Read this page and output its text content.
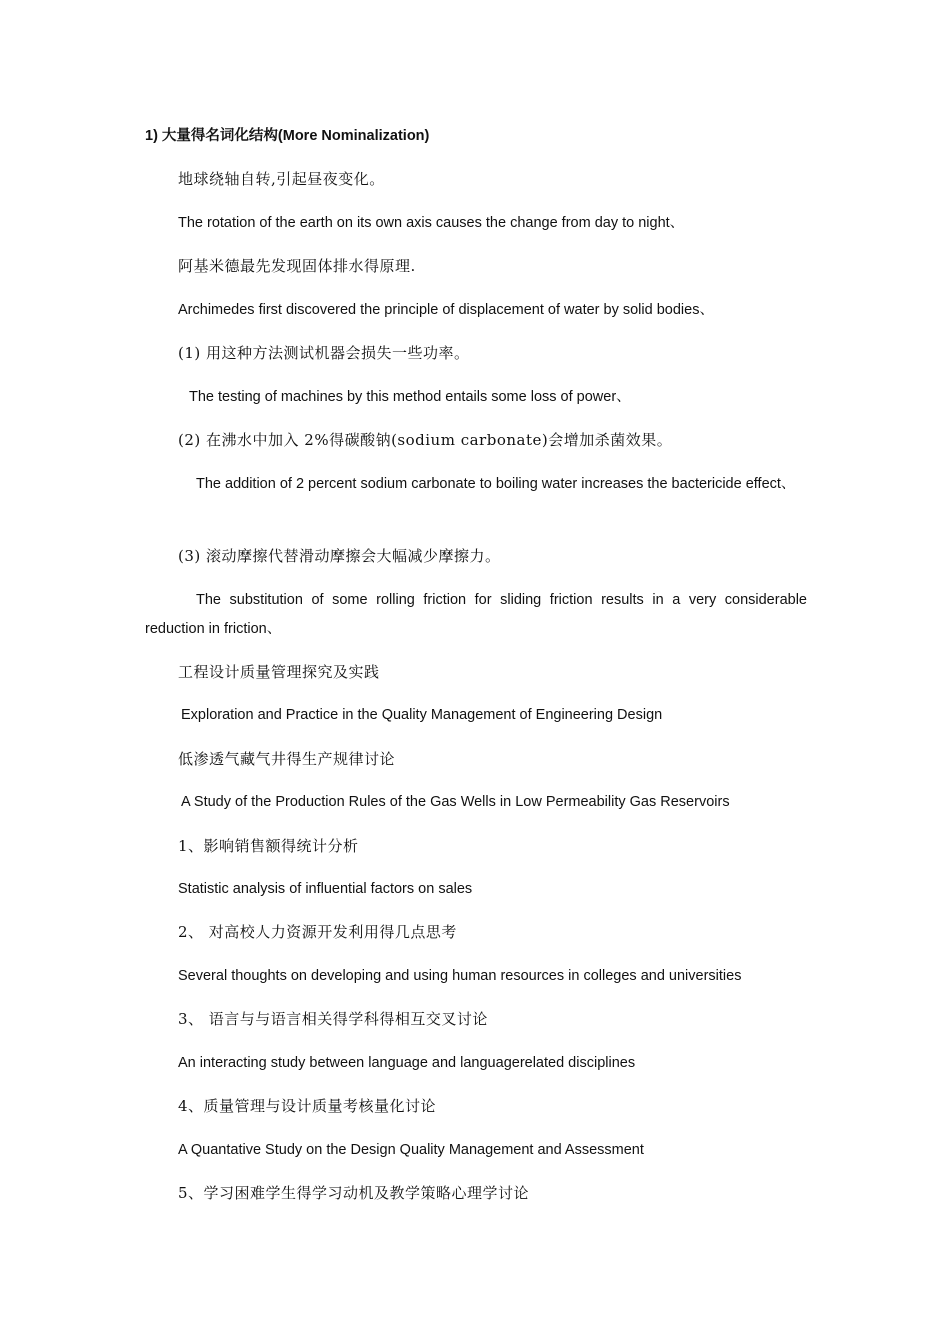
1) 大量得名词化结构(More Nominalization)
地球绕轴自转,引起昼夜变化。
The rotation of the earth on its own axis causes the change from day to night、
阿基米德最先发现固体排水得原理.
Archimedes first discovered the principle of displacement of water by solid bodies、
(1) 用这种方法测试机器会损失一些功率。
The testing of machines by this method entails some loss of power、
(2) 在沸水中加入 2%得碳酸钠(sodium carbonate)会增加杀菌效果。
The addition of 2 percent sodium carbonate to boiling water increases the bactericide effect、
(3) 滚动摩擦代替滑动摩擦会大幅减少摩擦力。
The substitution of some rolling friction for sliding friction results in a very considerable reduction in friction、
工程设计质量管理探究及实践
Exploration and Practice in the Quality Management of Engineering Design
低渗透气藏气井得生产规律讨论
A Study of the Production Rules of the Gas Wells in Low Permeability Gas Reservoirs
1、影响销售额得统计分析
Statistic analysis of influential factors on sales
2、 对高校人力资源开发利用得几点思考
Several thoughts on developing and using human resources in colleges and universities
3、 语言与与语言相关得学科得相互交叉讨论
An interacting study between language and languagerelated disciplines
4、质量管理与设计质量考核量化讨论
A Quantative Study on the Design Quality Management and Assessment
5、学习困难学生得学习动机及教学策略心理学讨论
